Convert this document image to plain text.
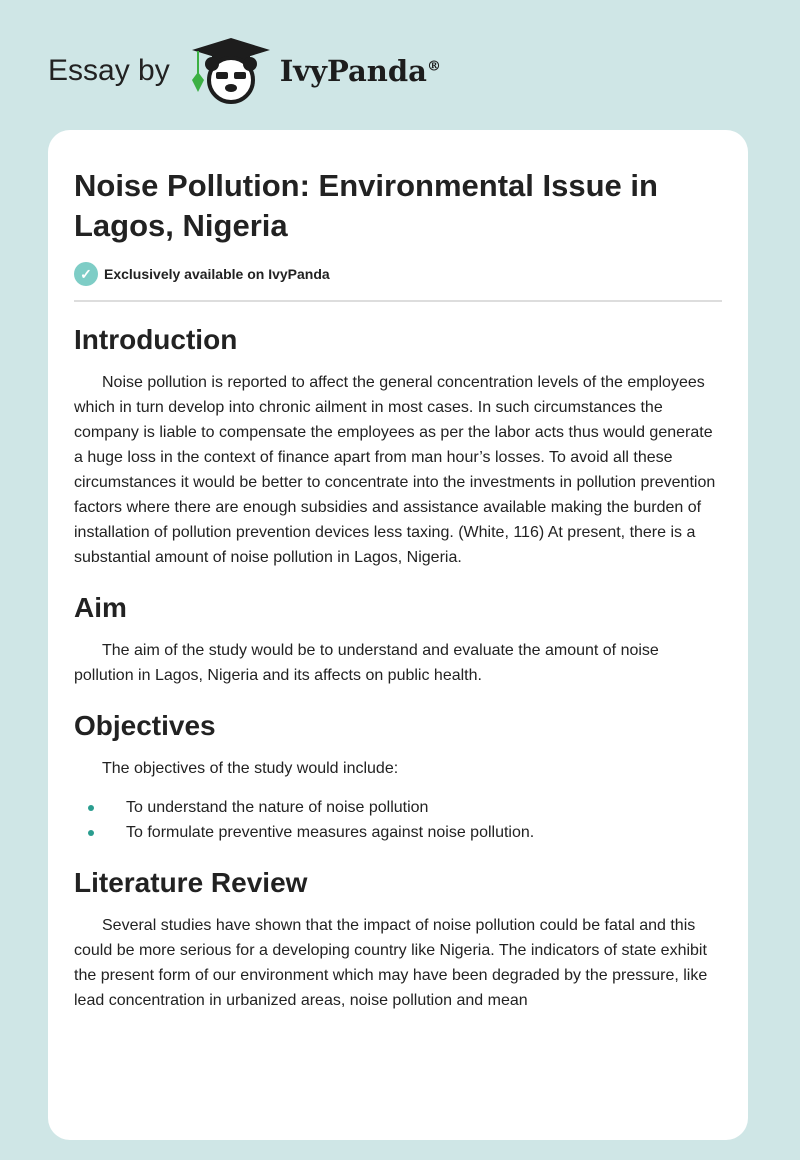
Essay by	IvyPanda®
Noise Pollution: Environmental Issue in Lagos, Nigeria
✓ Exclusively available on IvyPanda
Introduction

Noise pollution is reported to affect the general concentration levels of the employees which in turn develop into chronic ailment in most cases. In such circumstances the company is liable to compensate the employees as per the labor acts thus would generate a huge loss in the context of finance apart from man hour’s losses. To avoid all these circumstances it would be better to concentrate into the investments in pollution prevention factors where there are enough subsidies and assistance available making the burden of installation of pollution prevention devices less taxing. (White, 116) At present, there is a substantial amount of noise pollution in Lagos, Nigeria.

Aim

The aim of the study would be to understand and evaluate the amount of noise pollution in Lagos, Nigeria and its affects on public health.

Objectives

The objectives of the study would include:

To understand the nature of noise pollution
To formulate preventive measures against noise pollution.
Literature Review

Several studies have shown that the impact of noise pollution could be fatal and this could be more serious for a developing country like Nigeria. The indicators of state exhibit the present form of our environment which may have been degraded by the pressure, like lead concentration in urbanized areas, noise pollution and mean
